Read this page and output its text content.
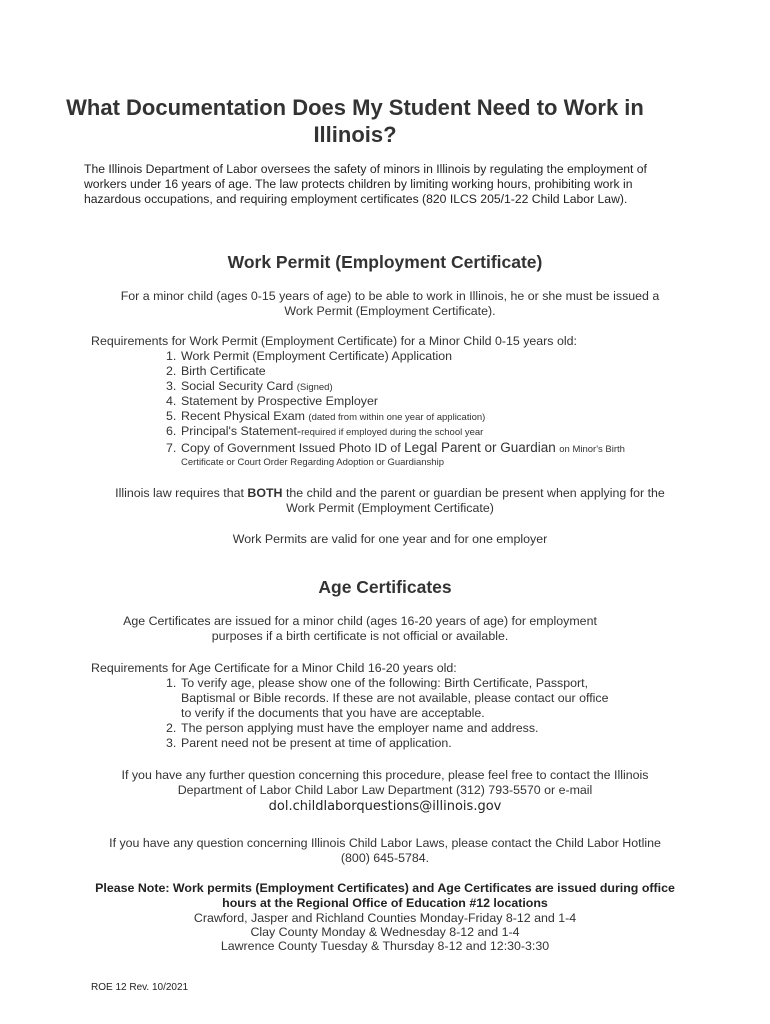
What Documentation Does My Student Need to Work in Illinois?
The Illinois Department of Labor oversees the safety of minors in Illinois by regulating the employment of workers under 16 years of age. The law protects children by limiting working hours, prohibiting work in hazardous occupations, and requiring employment certificates (820 ILCS 205/1-22 Child Labor Law).
Work Permit (Employment Certificate)
For a minor child (ages 0-15 years of age) to be able to work in Illinois, he or she must be issued a
Work Permit (Employment Certificate).
Requirements for Work Permit (Employment Certificate) for a Minor Child 0-15 years old:
1. Work Permit (Employment Certificate) Application
2. Birth Certificate
3. Social Security Card (Signed)
4. Statement by Prospective Employer
5. Recent Physical Exam (dated from within one year of application)
6. Principal's Statement-required if employed during the school year
7. Copy of Government Issued Photo ID of Legal Parent or Guardian on Minor's Birth
Certificate or Court Order Regarding Adoption or Guardianship
Illinois law requires that BOTH the child and the parent or guardian be present when applying for the
Work Permit (Employment Certificate)
Work Permits are valid for one year and for one employer
Age Certificates
Age Certificates are issued for a minor child (ages 16-20 years of age) for employment
purposes if a birth certificate is not official or available.
Requirements for Age Certificate for a Minor Child 16-20 years old:
1. To verify age, please show one of the following: Birth Certificate, Passport,
Baptismal or Bible records. If these are not available, please contact our office
to verify if the documents that you have are acceptable.
2. The person applying must have the employer name and address.
3. Parent need not be present at time of application.
If you have any further question concerning this procedure, please feel free to contact the Illinois
Department of Labor Child Labor Law Department (312) 793-5570 or e-mail
dol.childlaborquestions@illinois.gov
If you have any question concerning Illinois Child Labor Laws, please contact the Child Labor Hotline
(800) 645-5784.
Please Note: Work permits (Employment Certificates) and Age Certificates are issued during office
hours at the Regional Office of Education #12 locations
Crawford, Jasper and Richland Counties Monday-Friday 8-12 and 1-4
Clay County Monday & Wednesday 8-12 and 1-4
Lawrence County Tuesday & Thursday 8-12 and 12:30-3:30
ROE 12 Rev. 10/2021
